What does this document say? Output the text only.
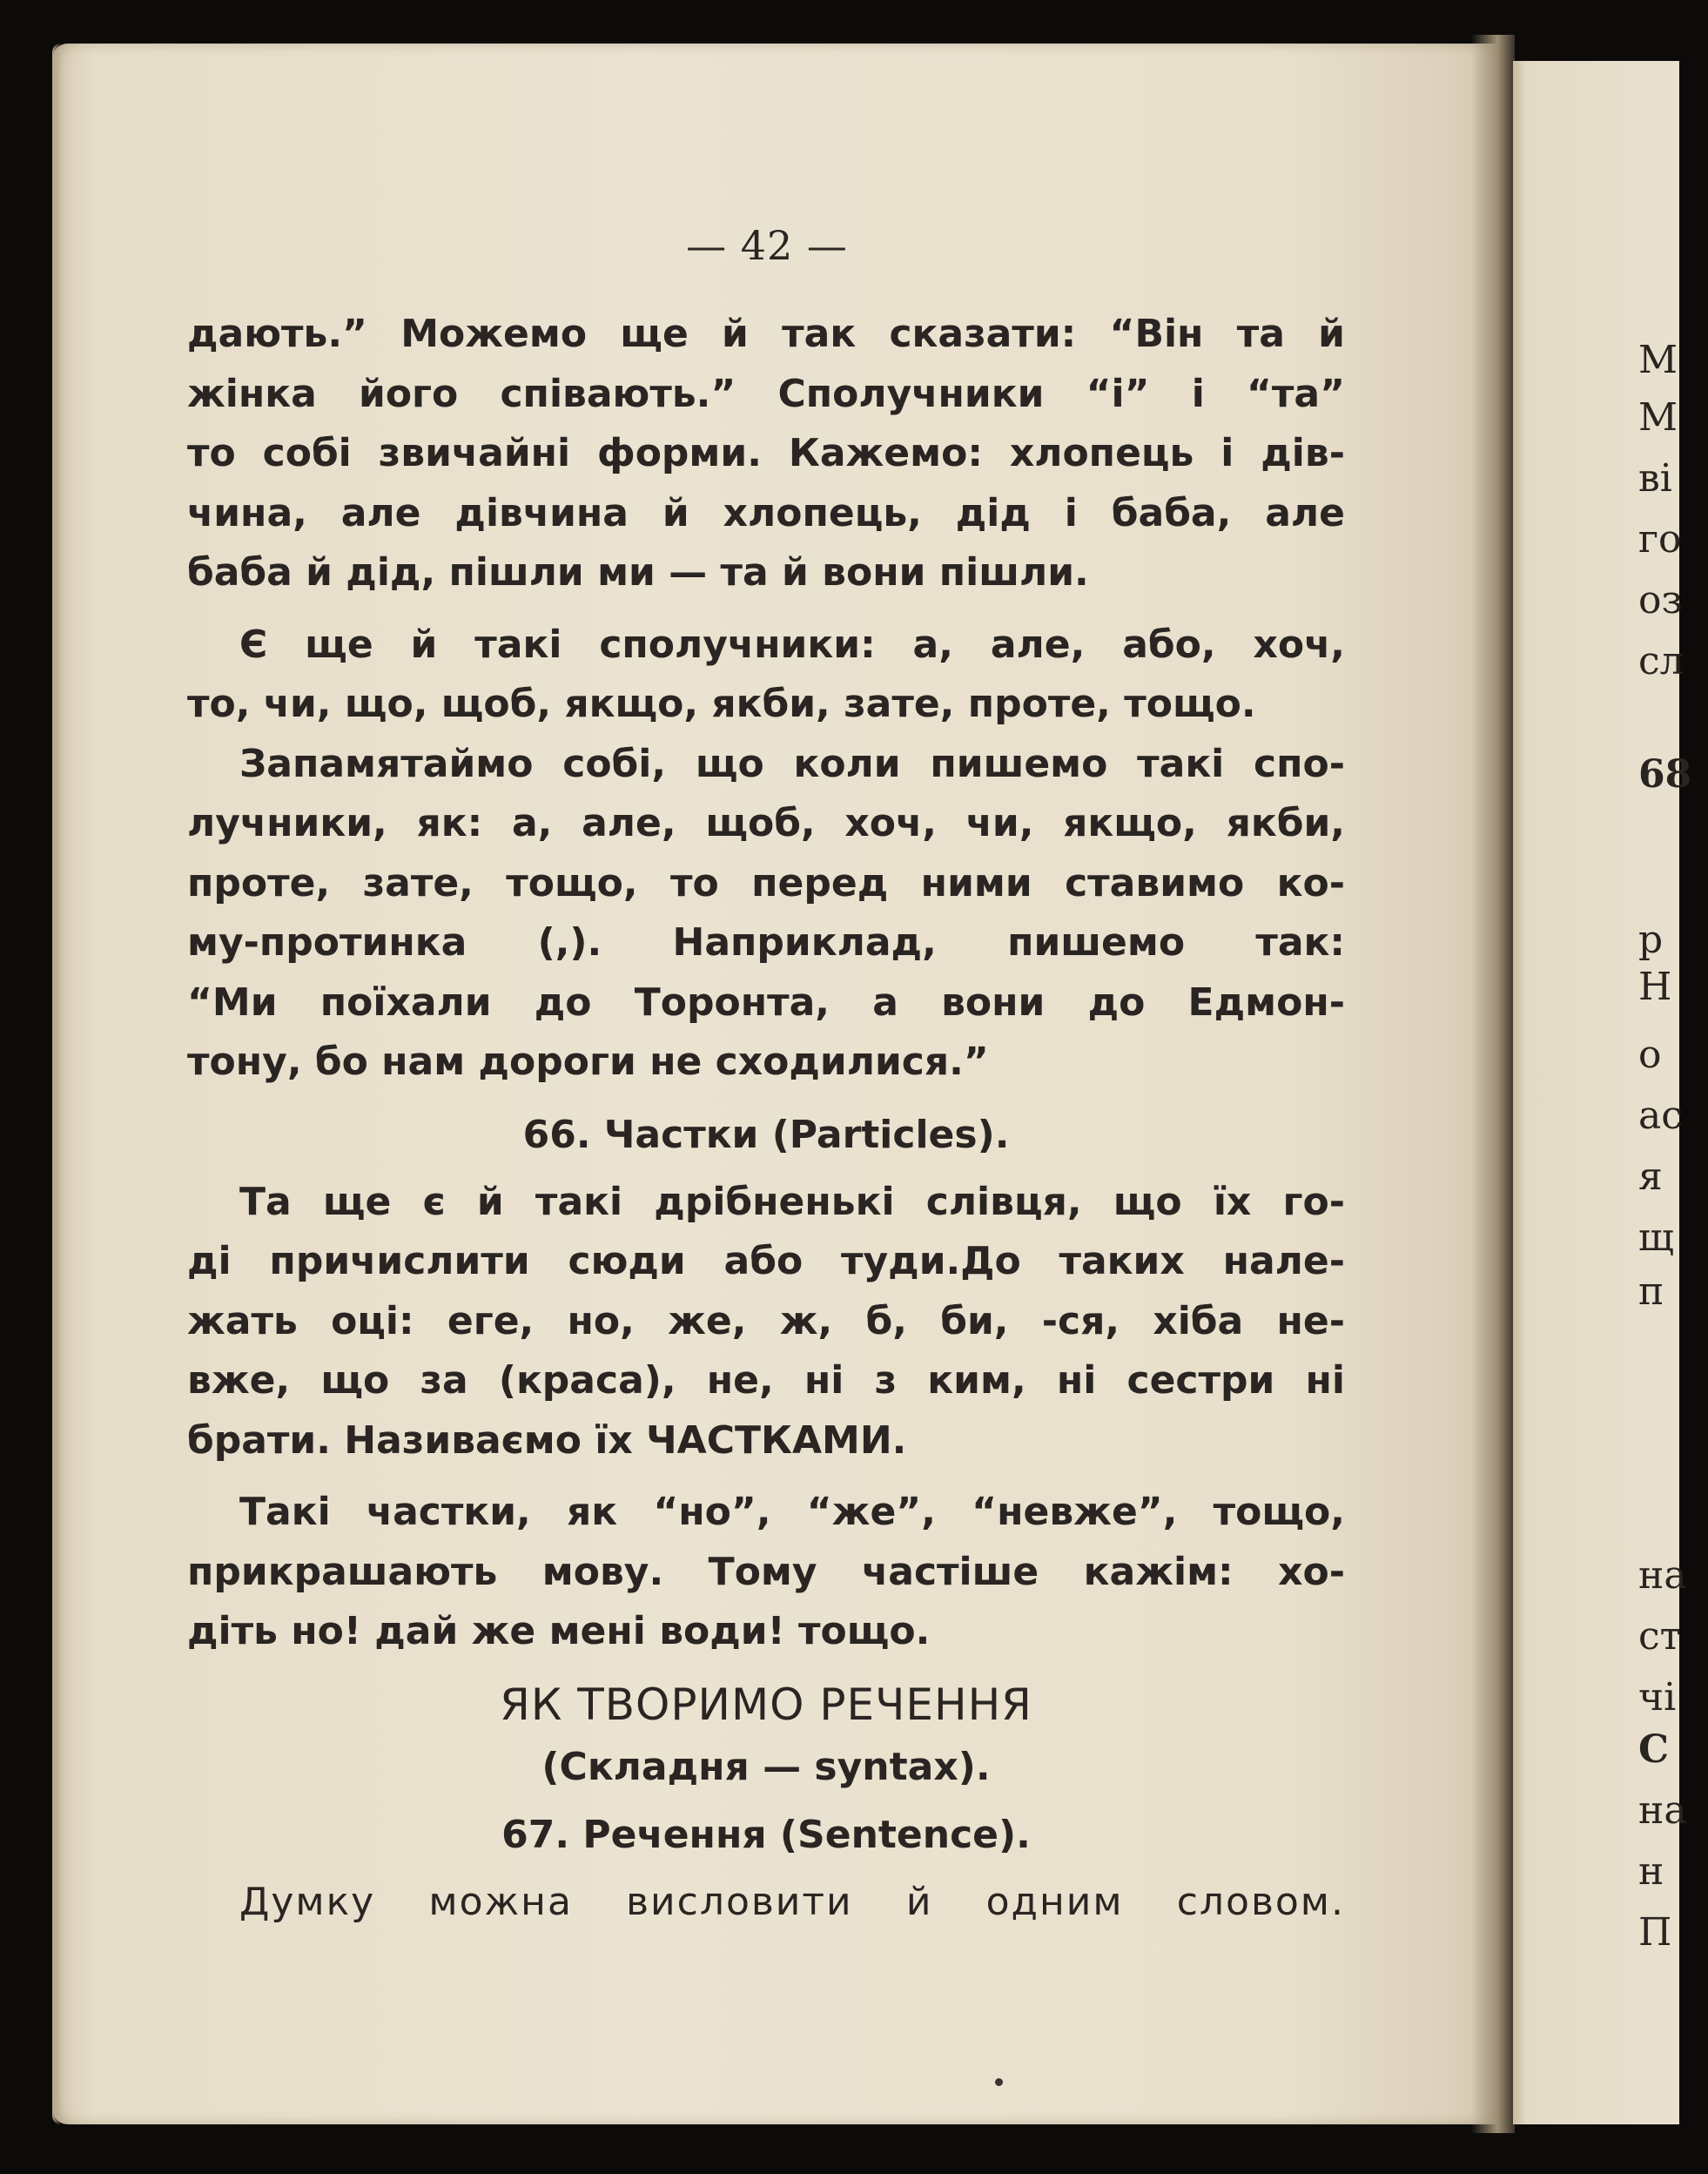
— 42 —

дають.” Можемо ще й так сказати: “Він та й
жінка його співають.” Сполучники “і” і “та”
то собі звичайні форми. Кажемо: хлопець і дів-
чина, але дівчина й хлопець, дід і баба, але
баба й дід, пішли ми — та й вони пішли.

Є ще й такі сполучники: а, але, або, хоч,
то, чи, що, щоб, якщо, якби, зате, проте, тощо.

Запамятаймо собі, що коли пишемо такі спо-
лучники, як: а, але, щоб, хоч, чи, якщо, якби,
проте, зате, тощо, то перед ними ставимо ко-
му-протинка (,). Наприклад, пишемо так:
“Ми поїхали до Торонта, а вони до Едмон-
тону, бо нам дороги не сходилися.”

66. Частки (Particles).

Та ще є й такі дрібненькі слівця, що їх го-
ді причислити сюди або туди.До таких нале-
жать оці: еге, но, же, ж, б, би, -ся, хіба не-
вже, що за (краса), не, ні з ким, ні сестри ні
брати. Називаємо їх ЧАСТКАМИ.

Такі частки, як “но”, “же”, “невже”, тощо,
прикрашають мову. Тому частіше кажім: хо-
діть но! дай же мені води! тощо.

ЯК ТВОРИМО РЕЧЕННЯ
(Складня — syntax).
67. Речення (Sentence).

Думку можна висловити й одним словом.

М
М
ві
го
оз
сл
68
р
Н
о
ас
я
щ
п
на
ст
чі
С
на
н
П
